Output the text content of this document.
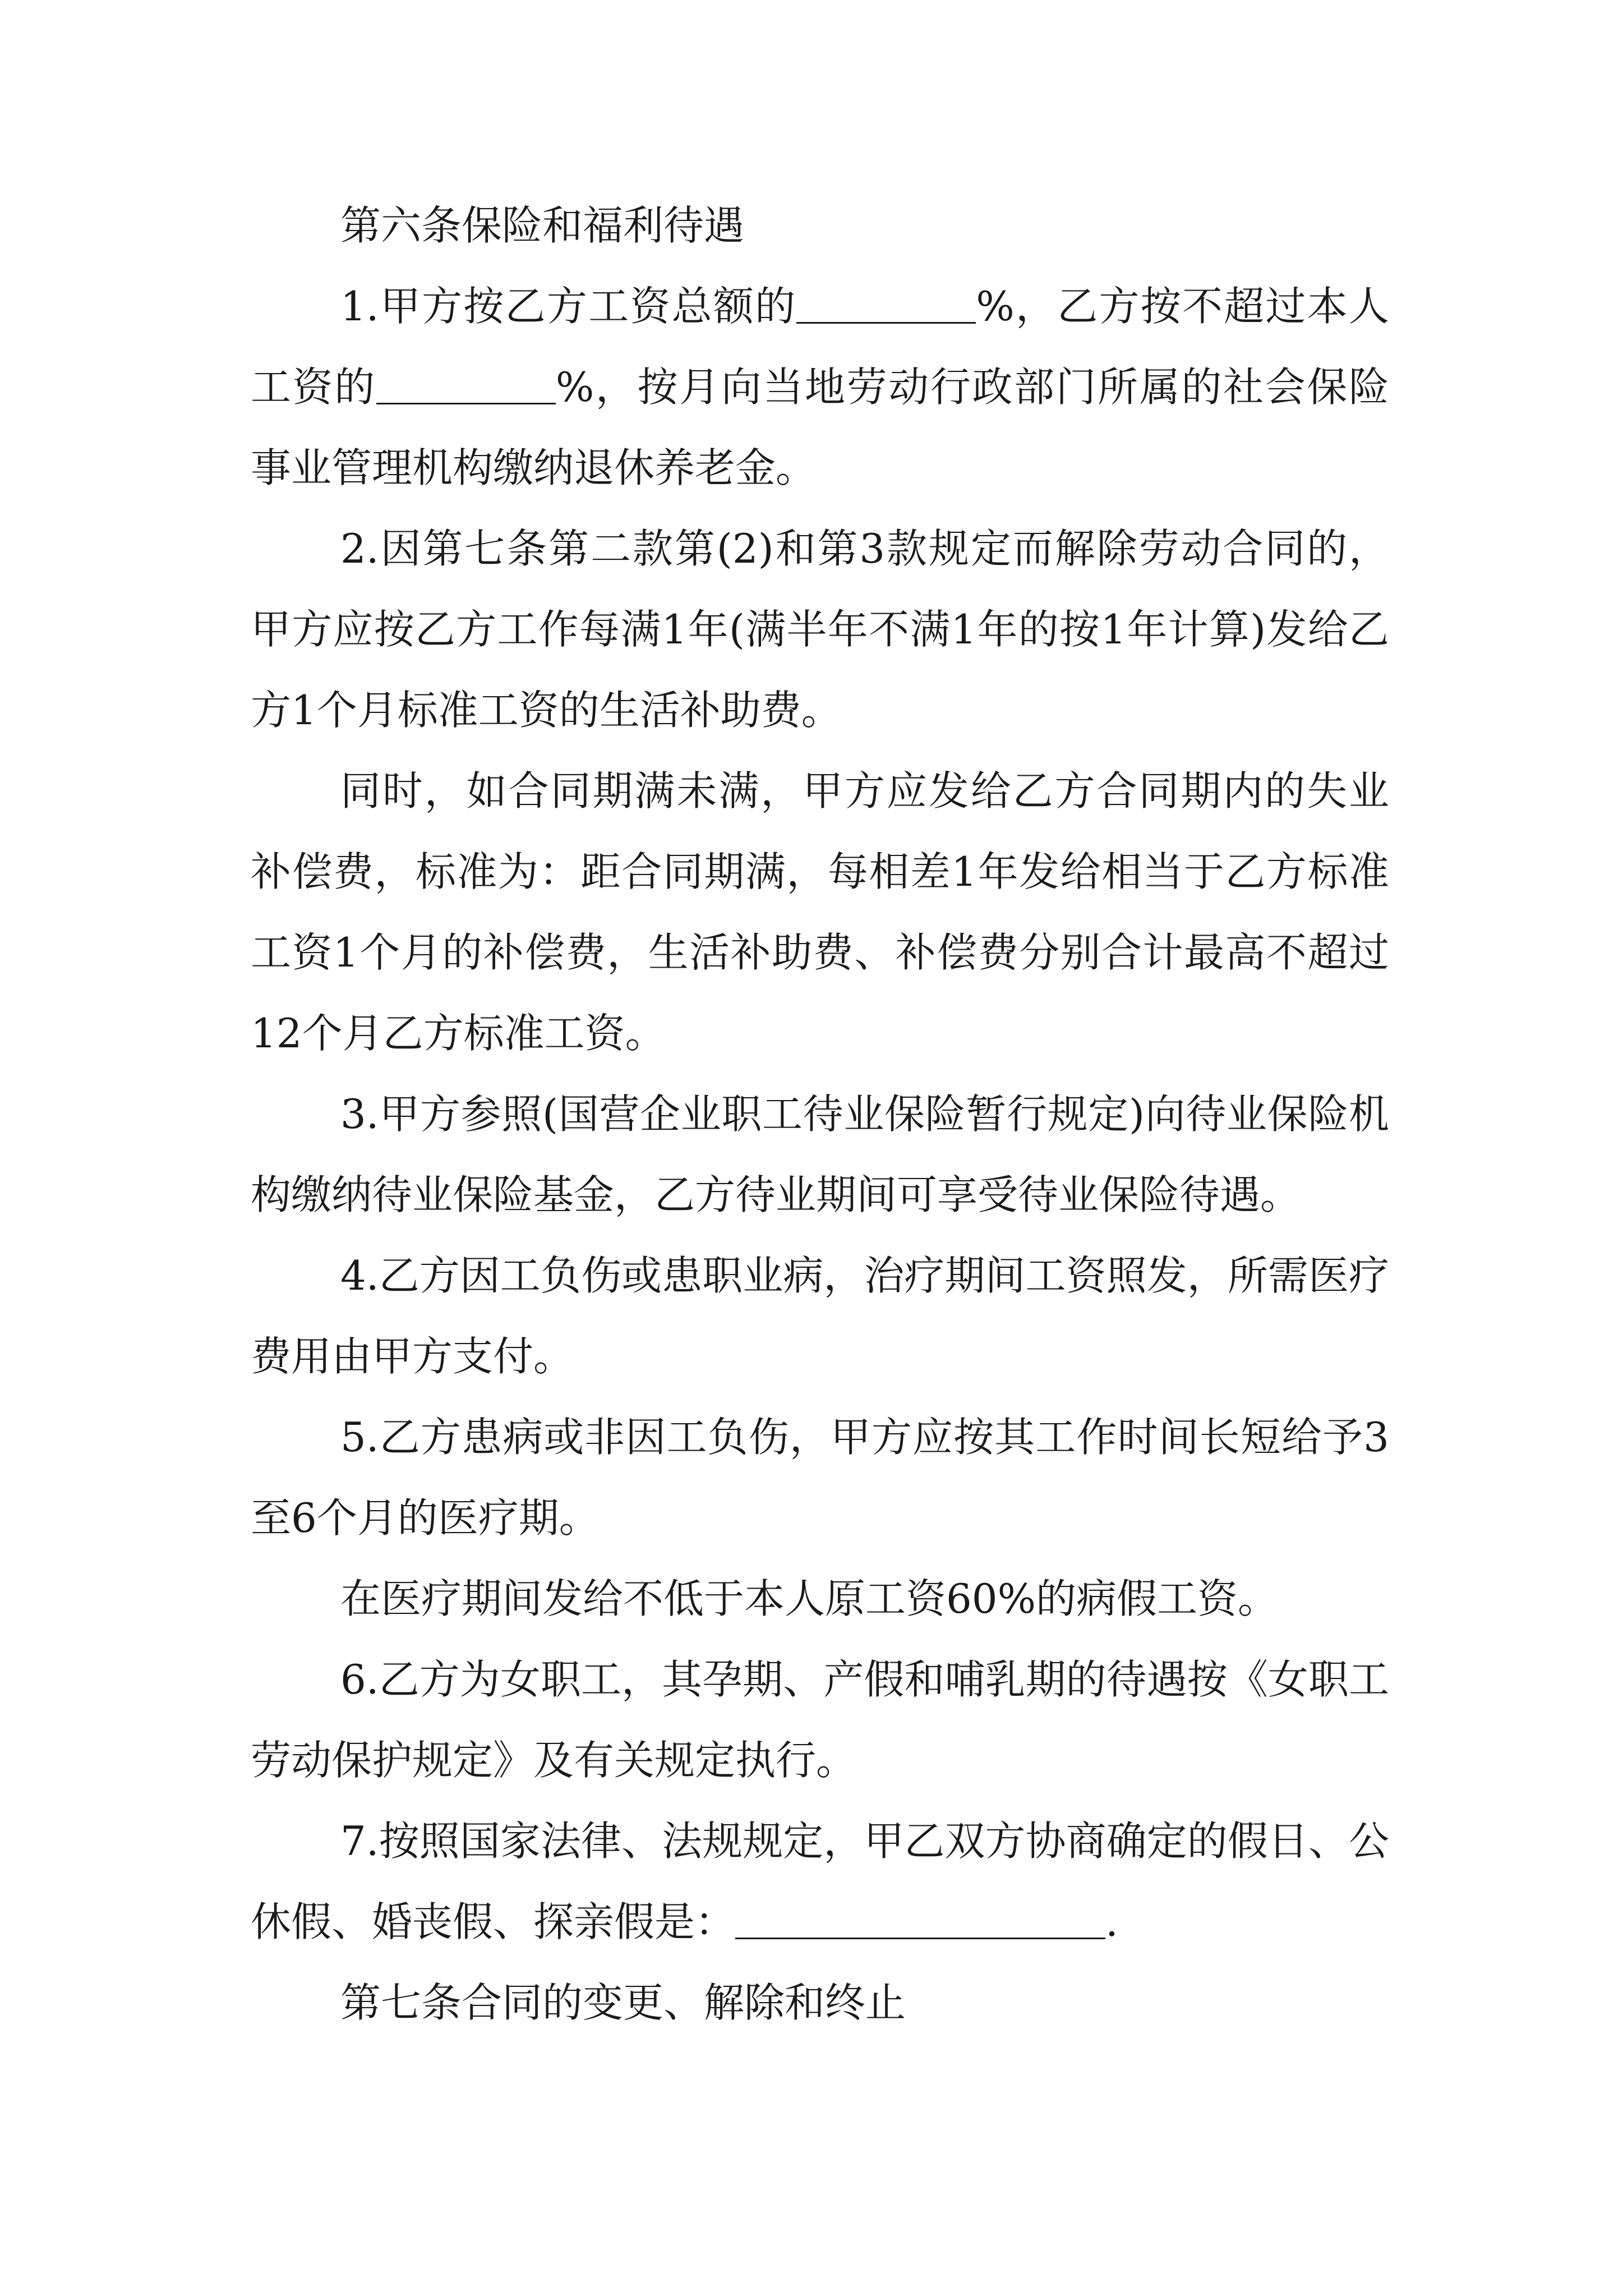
第六条保险和福利待遇

1.甲方按乙方工资总额的	%，乙方按不超过本人工资的	%，按月向当地劳动行政部门所属的社会保险事业管理机构缴纳退休养老金。

2.因第七条第二款第(2)和第3款规定而解除劳动合同的，甲方应按乙方工作每满1年(满半年不满1年的按1年计算)发给乙方1个月标准工资的生活补助费。

同时，如合同期满未满，甲方应发给乙方合同期内的失业补偿费，标准为：距合同期满，每相差1年发给相当于乙方标准工资1个月的补偿费，生活补助费、补偿费分别合计最高不超过12个月乙方标准工资。

3.甲方参照(国营企业职工待业保险暂行规定)向待业保险机构缴纳待业保险基金，乙方待业期间可享受待业保险待遇。

4.乙方因工负伤或患职业病，治疗期间工资照发，所需医疗费用由甲方支付。

5.乙方患病或非因工负伤，甲方应按其工作时间长短给予3至6个月的医疗期。

在医疗期间发给不低于本人原工资60%的病假工资。

6.乙方为女职工，其孕期、产假和哺乳期的待遇按《女职工劳动保护规定》及有关规定执行。

7.按照国家法律、法规规定，甲乙双方协商确定的假日、公休假、婚丧假、探亲假是：	.

第七条合同的变更、解除和终止
